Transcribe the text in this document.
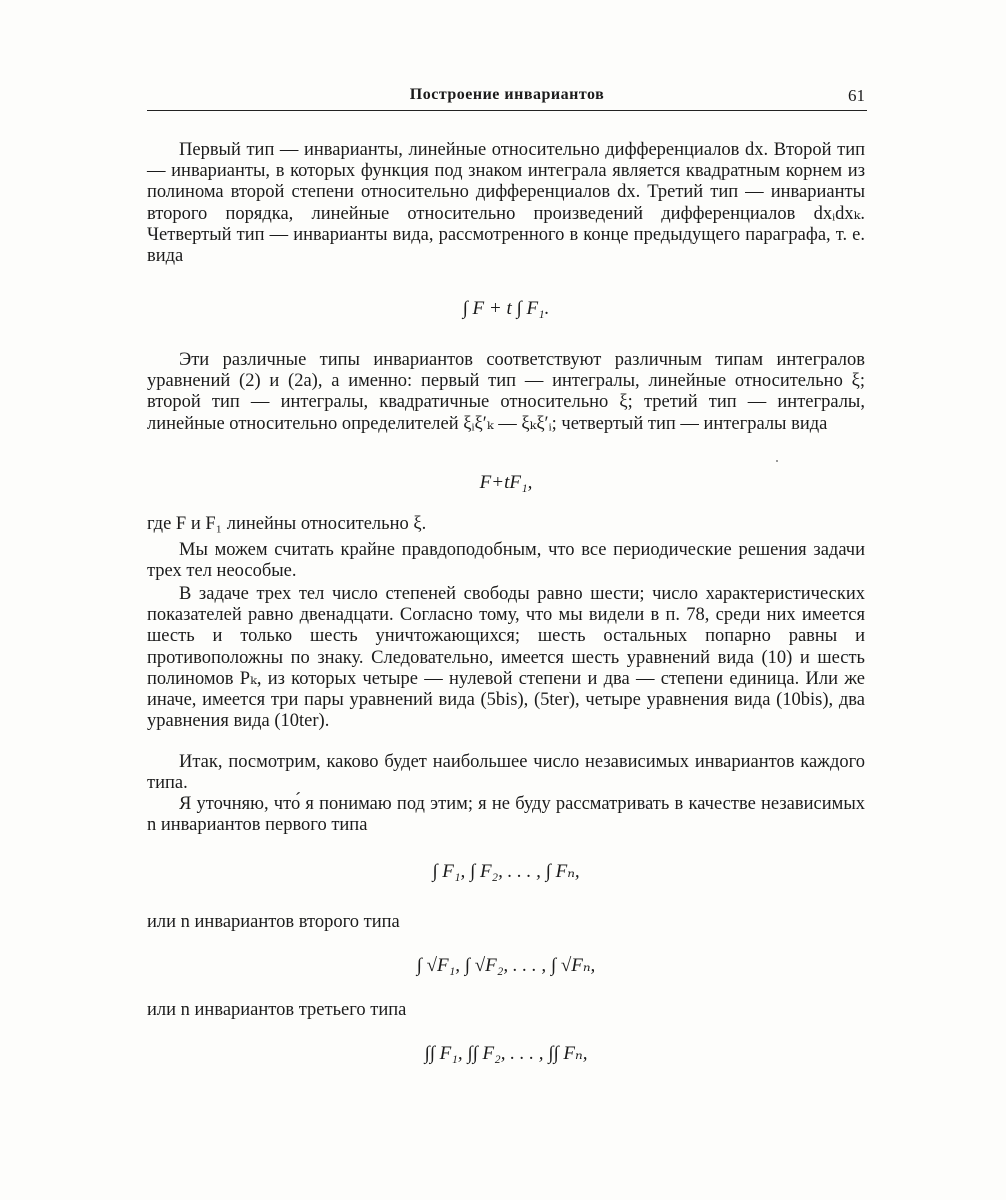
Построение инвариантов	61
Первый тип — инварианты, линейные относительно дифференциалов dx. Второй тип — инварианты, в которых функция под знаком интеграла является квадратным корнем из полинома второй степени относительно дифференциалов dx. Третий тип — инварианты второго порядка, линейные относительно произведений дифференциалов dxᵢdxₖ. Четвертый тип — инварианты вида, рассмотренного в конце предыдущего параграфа, т. е. вида
∫ F + t ∫ F₁.
Эти различные типы инвариантов соответствуют различным типам интегралов уравнений (2) и (2а), а именно: первый тип — интегралы, линейные относительно ξ; второй тип — интегралы, квадратичные относительно ξ; третий тип — интегралы, линейные относительно определителей ξᵢξ′ₖ — ξₖξ′ᵢ; четвертый тип — интегралы вида
F+tF₁,
где F и F₁ линейны относительно ξ.
Мы можем считать крайне правдоподобным, что все периодические решения задачи трех тел неособые.
В задаче трех тел число степеней свободы равно шести; число характеристических показателей равно двенадцати. Согласно тому, что мы видели в п. 78, среди них имеется шесть и только шесть уничтожающихся; шесть остальных попарно равны и противоположны по знаку. Следовательно, имеется шесть уравнений вида (10) и шесть полиномов Pₖ, из которых четыре — нулевой степени и два — степени единица. Или же иначе, имеется три пары уравнений вида (5bis), (5ter), четыре уравнения вида (10bis), два уравнения вида (10ter).
Итак, посмотрим, каково будет наибольшее число независимых инвариантов каждого типа.
Я уточняю, что́ я понимаю под этим; я не буду рассматривать в качестве независимых n инвариантов первого типа
∫ F₁, ∫ F₂, . . . , ∫ Fₙ,
или n инвариантов второго типа
∫ √F₁, ∫ √F₂, . . . , ∫ √Fₙ,
или n инвариантов третьего типа
∫∫ F₁, ∫∫ F₂, . . . , ∫∫ Fₙ,
